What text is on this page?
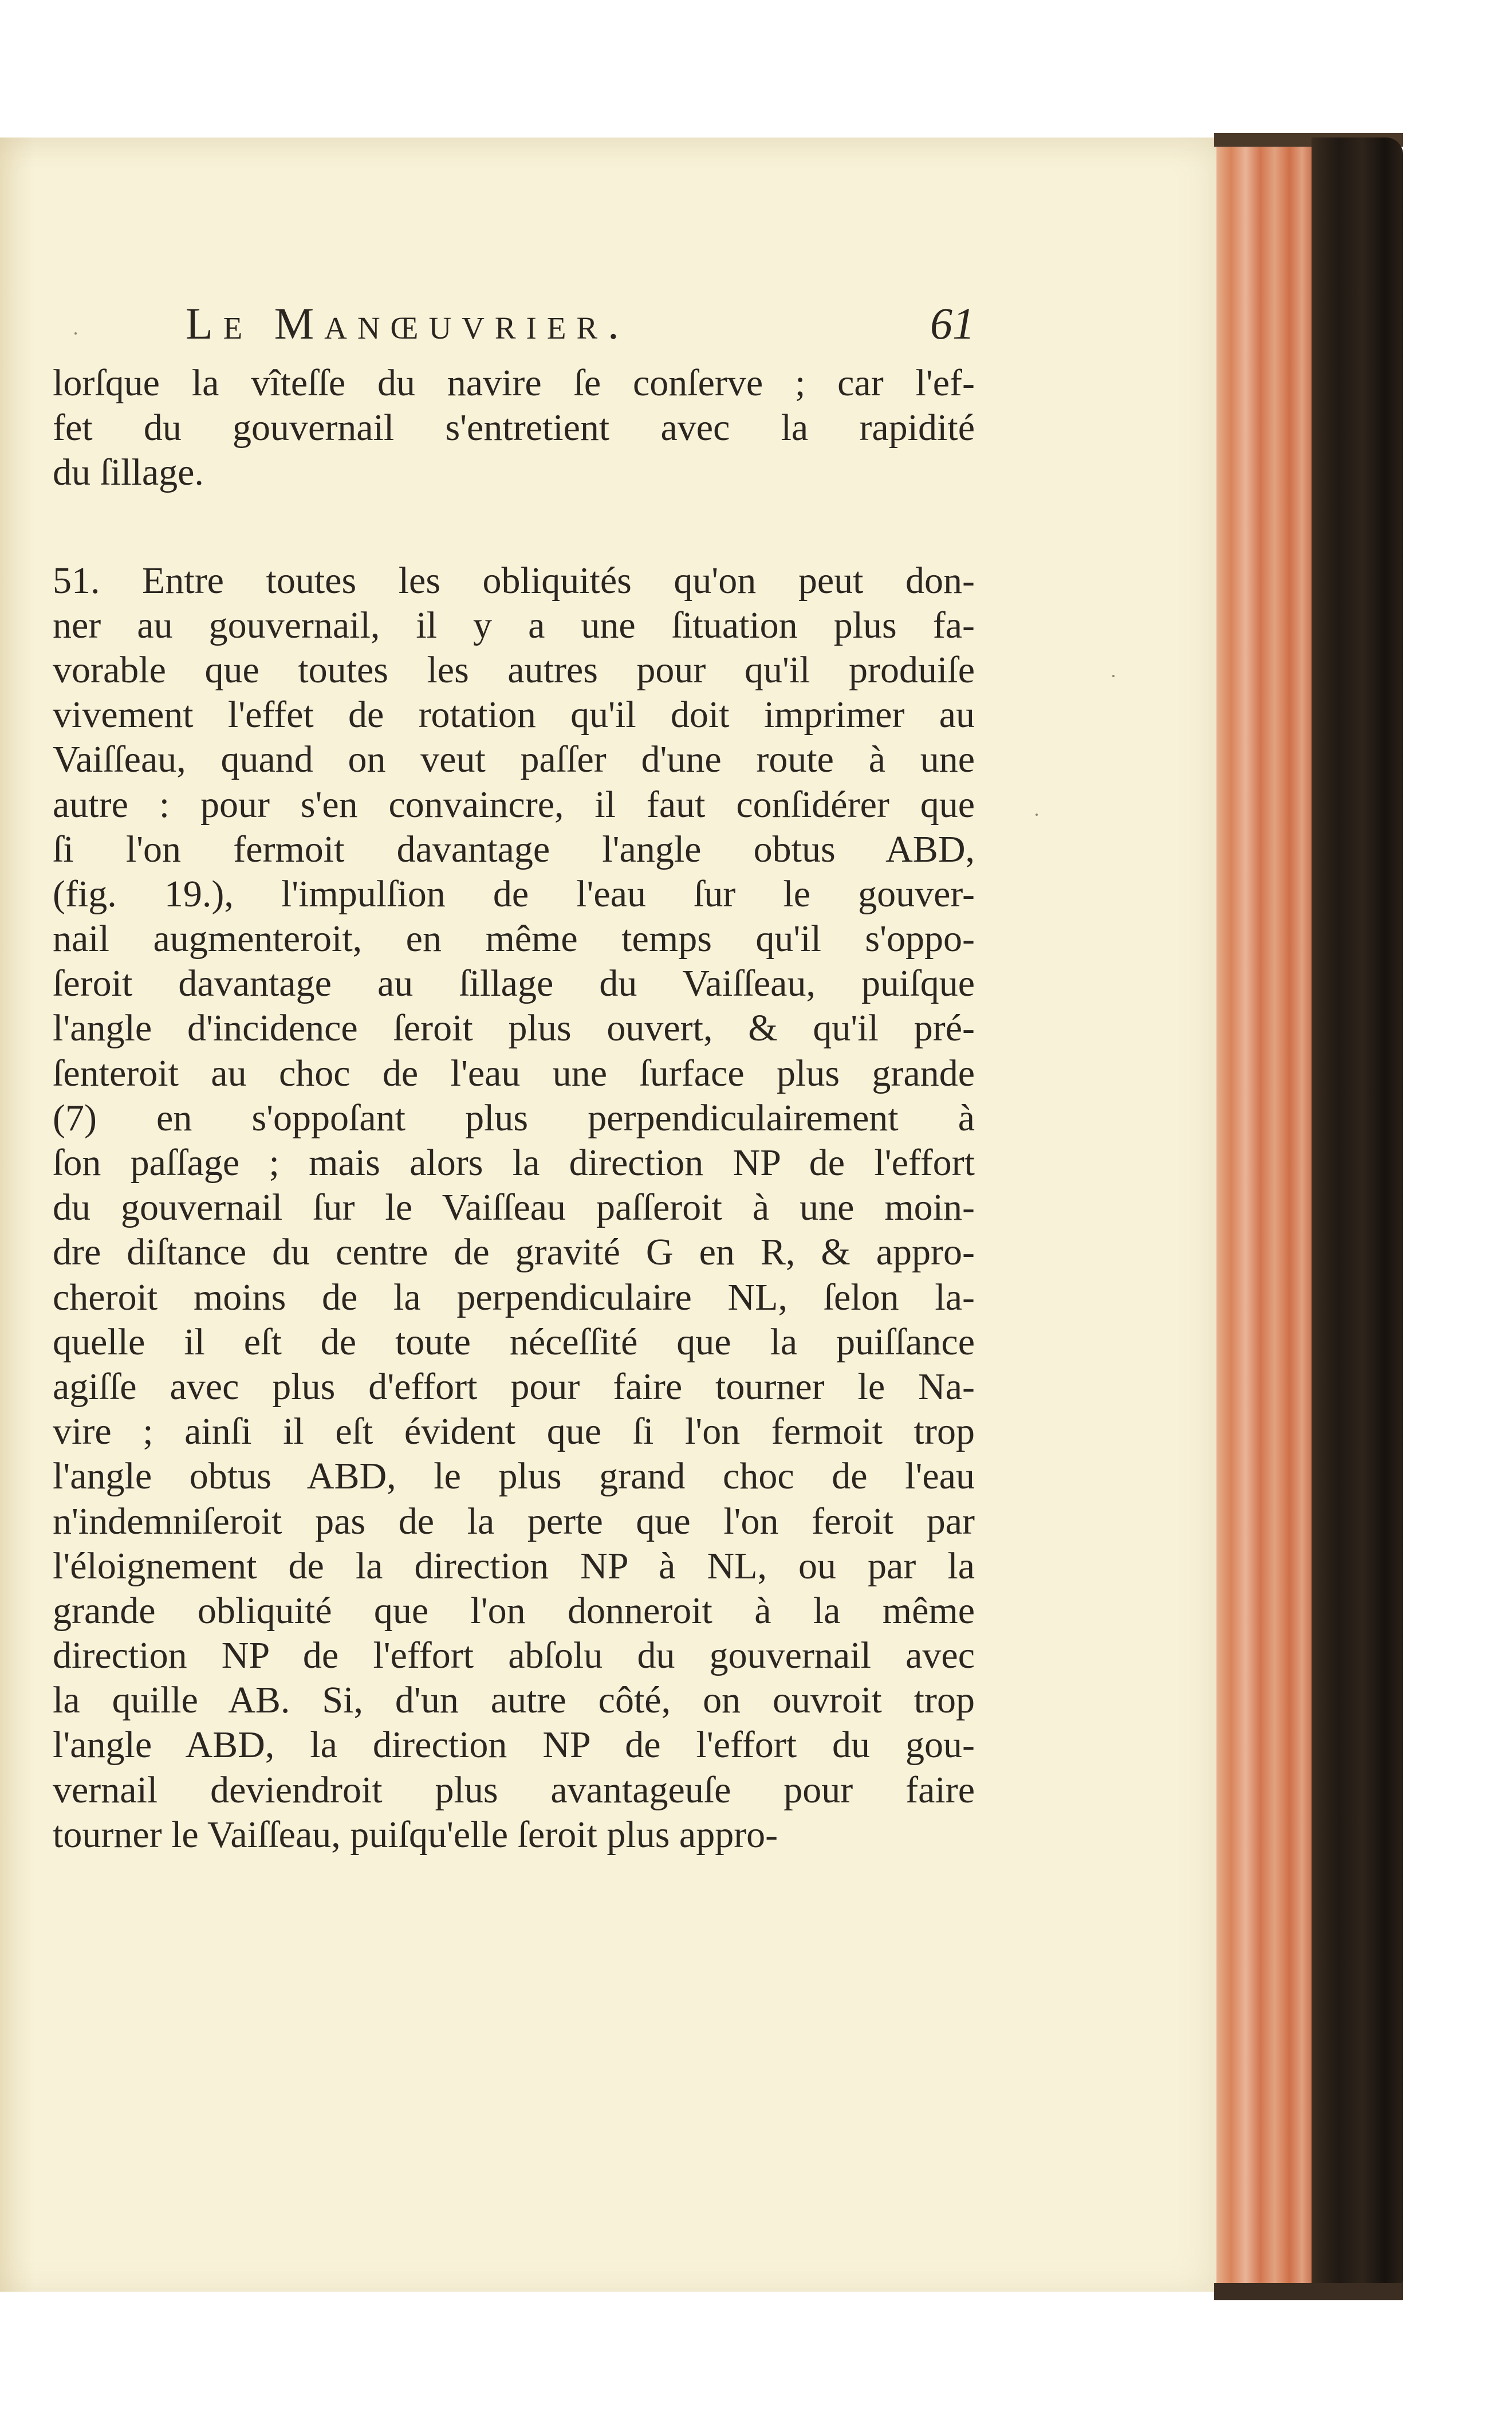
Le Manœuvrier.	61
lorſque la vîteſſe du navire ſe conſerve ; car l'ef-
fet du gouvernail s'entretient avec la rapidité
du ſillage.
51. Entre toutes les obliquités qu'on peut don-
ner au gouvernail, il y a une ſituation plus fa-
vorable que toutes les autres pour qu'il produiſe
vivement l'effet de rotation qu'il doit imprimer au
Vaiſſeau, quand on veut paſſer d'une route à une
autre : pour s'en convaincre, il faut conſidérer que
ſi l'on fermoit davantage l'angle obtus ABD,
(fig. 19.), l'impulſion de l'eau ſur le gouver-
nail augmenteroit, en même temps qu'il s'oppo-
ſeroit davantage au ſillage du Vaiſſeau, puiſque
l'angle d'incidence ſeroit plus ouvert, & qu'il pré-
ſenteroit au choc de l'eau une ſurface plus grande
(7) en s'oppoſant plus perpendiculairement à
ſon paſſage ; mais alors la direction NP de l'effort
du gouvernail ſur le Vaiſſeau paſſeroit à une moin-
dre diſtance du centre de gravité G en R, & appro-
cheroit moins de la perpendiculaire NL, ſelon la-
quelle il eſt de toute néceſſité que la puiſſance
agiſſe avec plus d'effort pour faire tourner le Na-
vire ; ainſi il eſt évident que ſi l'on fermoit trop
l'angle obtus ABD, le plus grand choc de l'eau
n'indemniſeroit pas de la perte que l'on feroit par
l'éloignement de la direction NP à NL, ou par la
grande obliquité que l'on donneroit à la même
direction NP de l'effort abſolu du gouvernail avec
la quille AB. Si, d'un autre côté, on ouvroit trop
l'angle ABD, la direction NP de l'effort du gou-
vernail deviendroit plus avantageuſe pour faire
tourner le Vaiſſeau, puiſqu'elle ſeroit plus appro-
